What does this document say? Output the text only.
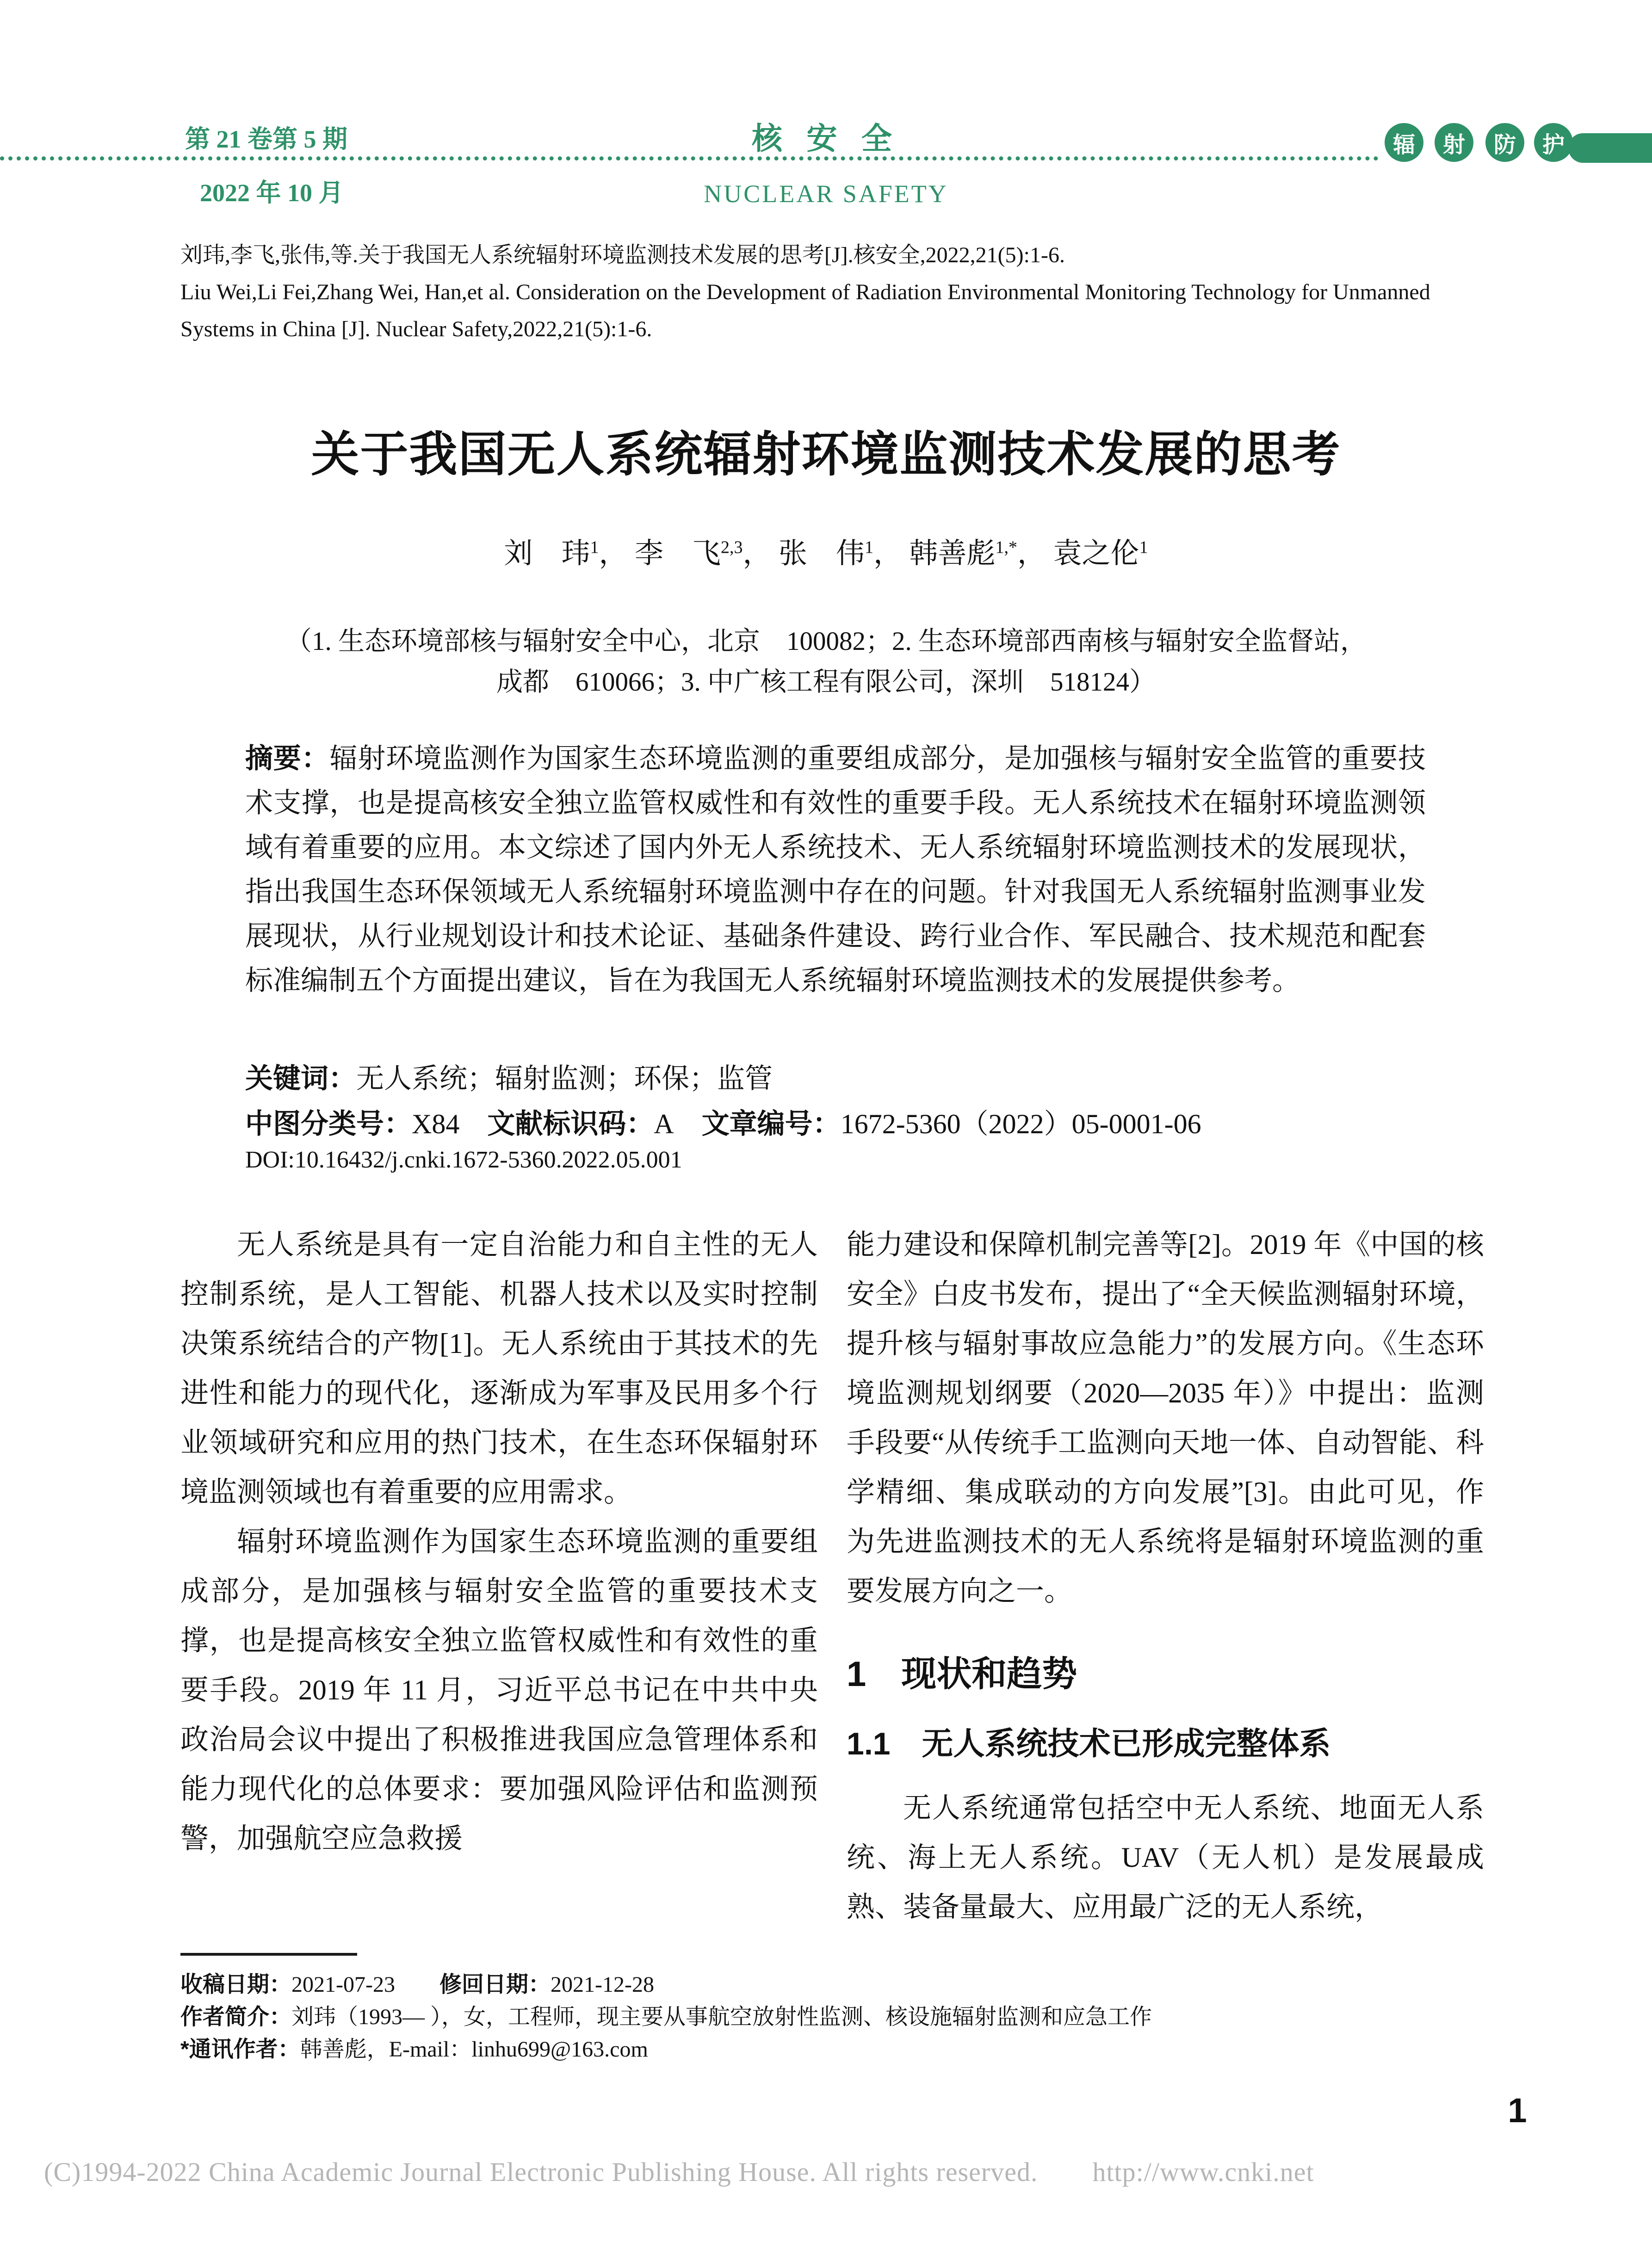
第 21 卷第 5 期
2022 年 10 月
核 安 全
NUCLEAR SAFETY
辐 射 防 护
刘玮,李飞,张伟,等.关于我国无人系统辐射环境监测技术发展的思考[J].核安全,2022,21(5):1-6.
Liu Wei,Li Fei,Zhang Wei, Han,et al. Consideration on the Development of Radiation Environmental Monitoring Technology for Unmanned
Systems in China [J]. Nuclear Safety,2022,21(5):1-6.
关于我国无人系统辐射环境监测技术发展的思考
刘　玮$^1$， 李　飞$^{2,3}$， 张　伟$^1$， 韩善彪$^{1,*}$， 袁之伦$^1$
（1. 生态环境部核与辐射安全中心，北京　100082；2. 生态环境部西南核与辐射安全监督站，
成都　610066；3. 中广核工程有限公司，深圳　518124）
摘要：辐射环境监测作为国家生态环境监测的重要组成部分，是加强核与辐射安全监管的重要技术支撑，也是提高核安全独立监管权威性和有效性的重要手段。无人系统技术在辐射环境监测领域有着重要的应用。本文综述了国内外无人系统技术、无人系统辐射环境监测技术的发展现状，指出我国生态环保领域无人系统辐射环境监测中存在的问题。针对我国无人系统辐射监测事业发展现状，从行业规划设计和技术论证、基础条件建设、跨行业合作、军民融合、技术规范和配套标准编制五个方面提出建议，旨在为我国无人系统辐射环境监测技术的发展提供参考。
关键词：无人系统；辐射监测；环保；监管
中图分类号：X84 文献标识码：A 文章编号：1672-5360（2022）05-0001-06
DOI:10.16432/j.cnki.1672-5360.2022.05.001

无人系统是具有一定自治能力和自主性的无人控制系统，是人工智能、机器人技术以及实时控制决策系统结合的产物[1]。无人系统由于其技术的先进性和能力的现代化，逐渐成为军事及民用多个行业领域研究和应用的热门技术，在生态环保辐射环境监测领域也有着重要的应用需求。

辐射环境监测作为国家生态环境监测的重要组成部分，是加强核与辐射安全监管的重要技术支撑，也是提高核安全独立监管权威性和有效性的重要手段。2019 年 11 月，习近平总书记在中共中央政治局会议中提出了积极推进我国应急管理体系和能力现代化的总体要求：要加强风险评估和监测预警，加强航空应急救援

能力建设和保障机制完善等[2]。2019 年《中国的核安全》白皮书发布，提出了“全天候监测辐射环境，提升核与辐射事故应急能力”的发展方向。《生态环境监测规划纲要（2020—2035 年）》中提出：监测手段要“从传统手工监测向天地一体、自动智能、科学精细、集成联动的方向发展”[3]。由此可见，作为先进监测技术的无人系统将是辐射环境监测的重要发展方向之一。

1　现状和趋势
1.1　无人系统技术已形成完整体系

无人系统通常包括空中无人系统、地面无人系统、海上无人系统。UAV（无人机）是发展最成熟、装备量最大、应用最广泛的无人系统，

收稿日期：2021-07-23 修回日期：2021-12-28
作者简介：刘玮（1993— ），女，工程师，现主要从事航空放射性监测、核设施辐射监测和应急工作
*通讯作者：韩善彪，E-mail：linhu699@163.com
1
(C)1994-2022 China Academic Journal Electronic Publishing House. All rights reserved.　　http://www.cnki.net
